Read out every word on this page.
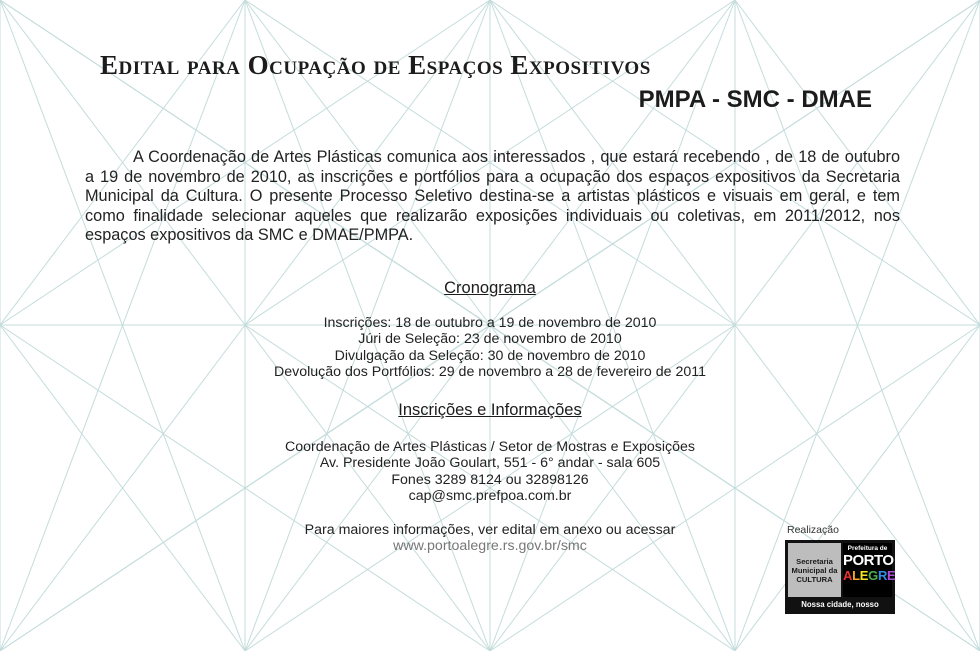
Edital para Ocupação de Espaços Expositivos
PMPA - SMC - DMAE

A Coordenação de Artes Plásticas comunica aos interessados , que estará recebendo , de 18 de outubro a 19 de novembro de 2010, as inscrições e portfólios para a ocupação dos espaços expositivos da Secretaria Municipal da Cultura. O presente Processo Seletivo destina-se a artistas plásticos e visuais em geral, e tem como finalidade selecionar aqueles que realizarão exposições individuais ou coletivas, em 2011/2012, nos espaços expositivos da SMC e DMAE/PMPA.

Cronograma
Inscrições: 18 de outubro a 19 de novembro de 2010
Júri de Seleção: 23 de novembro de 2010
Divulgação da Seleção: 30 de novembro de 2010
Devolução dos Portfólios: 29 de novembro a 28 de fevereiro de 2011
Inscrições e Informações
Coordenação de Artes Plásticas / Setor de Mostras e Exposições
Av. Presidente João Goulart, 551 - 6° andar - sala 605
Fones 3289 8124 ou 32898126
cap@smc.prefpoa.com.br
Para maiores informações, ver edital em anexo ou acessar
www.portoalegre.rs.gov.br/smc
Realização
Secretaria
Municipal da
CULTURA
Prefeitura de
PORTO
ALEGRE
Nossa cidade, nosso futuro.
